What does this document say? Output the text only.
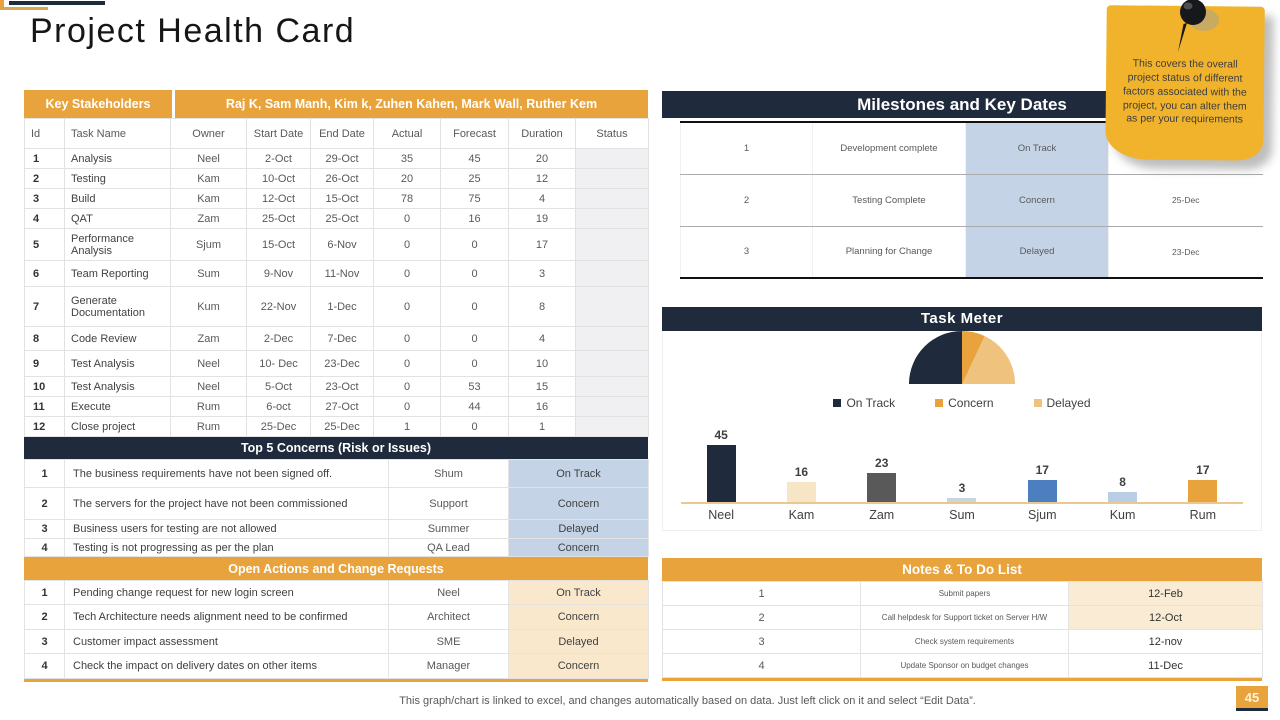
Project Health Card
Key Stakeholders	Raj K, Sam Manh, Kim k, Zuhen Kahen, Mark Wall, Ruther Kem
Id	Task Name	Owner	Start Date	End Date	Actual	Forecast	Duration	Status
1	Analysis	Neel	2-Oct	29-Oct	35	45	20	
2	Testing	Kam	10-Oct	26-Oct	20	25	12	
3	Build	Kam	12-Oct	15-Oct	78	75	4	
4	QAT	Zam	25-Oct	25-Oct	0	16	19	
5	Performance Analysis	Sjum	15-Oct	6-Nov	0	0	17	
6	Team Reporting	Sum	9-Nov	11-Nov	0	0	3	
7	Generate Documentation	Kum	22-Nov	1-Dec	0	0	8	
8	Code Review	Zam	2-Dec	7-Dec	0	0	4	
9	Test Analysis	Neel	10- Dec	23-Dec	0	0	10	
10	Test Analysis	Neel	5-Oct	23-Oct	0	53	15	
11	Execute	Rum	6-oct	27-Oct	0	44	16	
12	Close project	Rum	25-Dec	25-Dec	1	0	1	
Top 5 Concerns (Risk or Issues)
1	The business requirements have not been signed off.	Shum	On Track
2	The servers for the project have not been commissioned	Support	Concern
3	Business users for testing are not allowed	Summer	Delayed
4	Testing is not progressing as per the plan	QA Lead	Concern
Open Actions and Change Requests
1	Pending change request for new login screen	Neel	On Track
2	Tech Architecture needs alignment need to be confirmed	Architect	Concern
3	Customer impact assessment	SME	Delayed
4	Check the impact on delivery dates on other items	Manager	Concern
Milestones and Key Dates
1	Development complete	On Track	
2	Testing Complete	Concern	25-Dec
3	Planning for Change	Delayed	23-Dec
Task Meter
On Track	Concern	Delayed
45
16
23
3
17
8
17
Neel	Kam	Zam	Sum	Sjum	Kum	Rum
Notes & To Do List
1	Submit papers	12-Feb
2	Call helpdesk for Support ticket on Server H/W	12-Oct
3	Check system requirements	12-nov
4	Update Sponsor on budget changes	11-Dec
This covers the overall project status of different factors associated with the project, you can alter them as per your requirements
This graph/chart is linked to excel, and changes automatically based on data. Just left click on it and select “Edit Data”.	45
